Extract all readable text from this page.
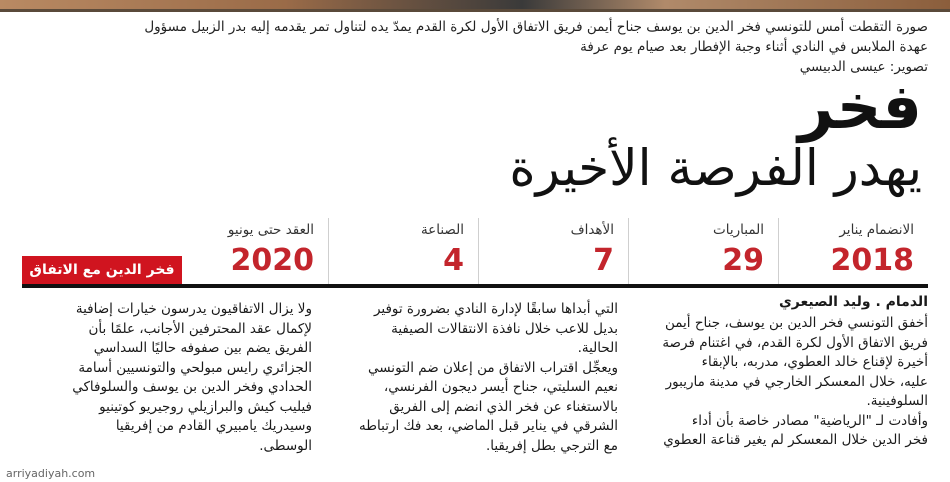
صورة التقطت أمس للتونسي فخر الدين بن يوسف جناح أيمن فريق الاتفاق الأول لكرة القدم يمدّ يده لتناول تمر يقدمه إليه بدر الزبيل مسؤول
عهدة الملابس في النادي أثناء وجبة الإفطار بعد صيام يوم عرفة
تصوير: عيسى الدبيسي
فخر
يهدر الفرصة الأخيرة
الانضمام يناير
2018
المباريات
29
الأهداف
7
الصناعة
4
العقد حتى يونيو
2020
فخر الدين مع الاتفاق
الدمام . وليد الصيعري
أخفق التونسي فخر الدين بن يوسف، جناح أيمن
فريق الاتفاق الأول لكرة القدم، في اغتنام فرصة
أخيرة لإقناع خالد العطوي، مدربه، بالإبقاء
عليه، خلال المعسكر الخارجي في مدينة ماريبور
السلوفينية.
وأفادت لـ "الرياضية" مصادر خاصة بأن أداء
فخر الدين خلال المعسكر لم يغير قناعة العطوي
التي أبداها سابقًا لإدارة النادي بضرورة توفير
بديل للاعب خلال نافذة الانتقالات الصيفية
الحالية.
ويعجِّل اقتراب الاتفاق من إعلان ضم التونسي
نعيم السليتي، جناح أيسر ديجون الفرنسي،
بالاستغناء عن فخر الذي انضم إلى الفريق
الشرقي في يناير قبل الماضي، بعد فك ارتباطه
مع الترجي بطل إفريقيا.
ولا يزال الاتفاقيون يدرسون خيارات إضافية
لإكمال عقد المحترفين الأجانب، علمًا بأن
الفريق يضم بين صفوفه حاليًا السداسي
الجزائري رايس مبولحي والتونسيين أسامة
الحدادي وفخر الدين بن يوسف والسلوفاكي
فيليب كيش والبرازيلي روجيريو كوتينيو
وسيدريك يامبيري القادم من إفريقيا
الوسطى.
arriyadiyah.com
